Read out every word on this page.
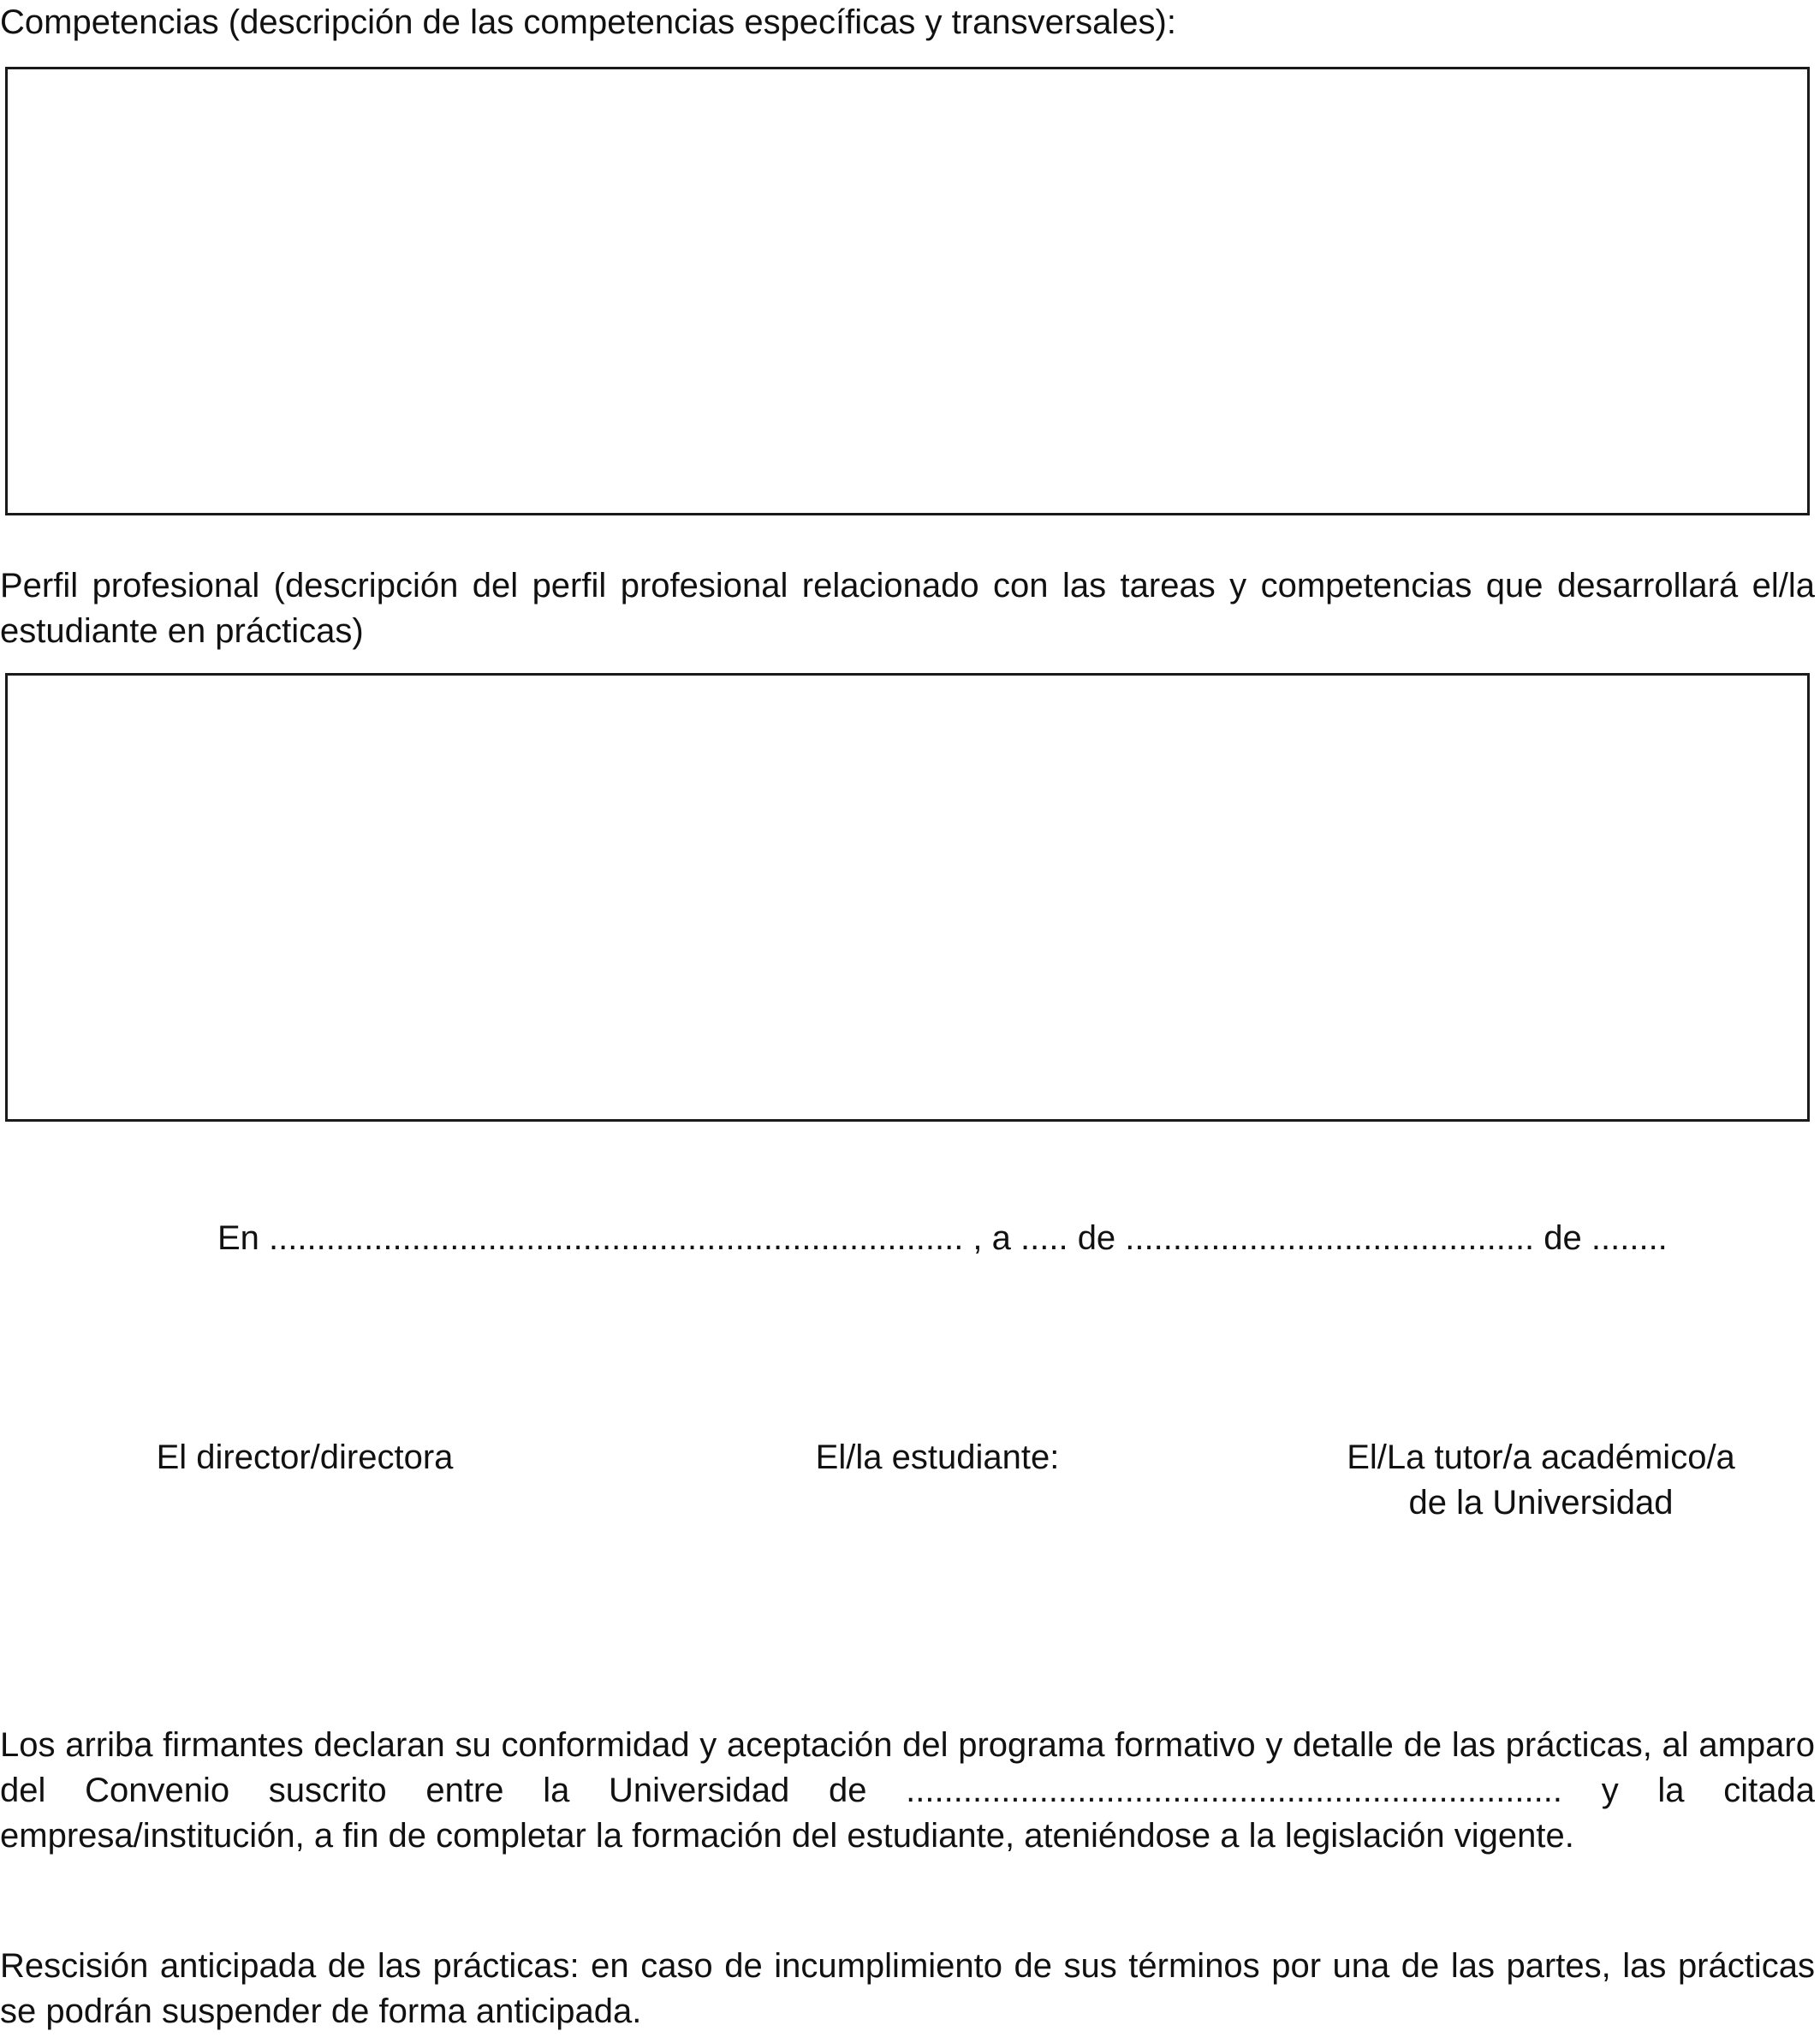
Competencias (descripción de las competencias específicas y transversales):

Perfil profesional (descripción del perfil profesional relacionado con las tareas y competencias que desarrollará el/la estudiante en prácticas)

En ......................................................................... , a ..... de ........................................... de ........
El director/directora	El/la estudiante:	El/La tutor/a académico/a
de la Universidad

Los arriba firmantes declaran su conformidad y aceptación del programa formativo y detalle de las prácticas, al amparo del Convenio suscrito entre la Universidad de ..................................................................... y la citada empresa/institución, a fin de completar la formación del estudiante, ateniéndose a la legislación vigente.

Rescisión anticipada de las prácticas: en caso de incumplimiento de sus términos por una de las partes, las prácticas se podrán suspender de forma anticipada.
